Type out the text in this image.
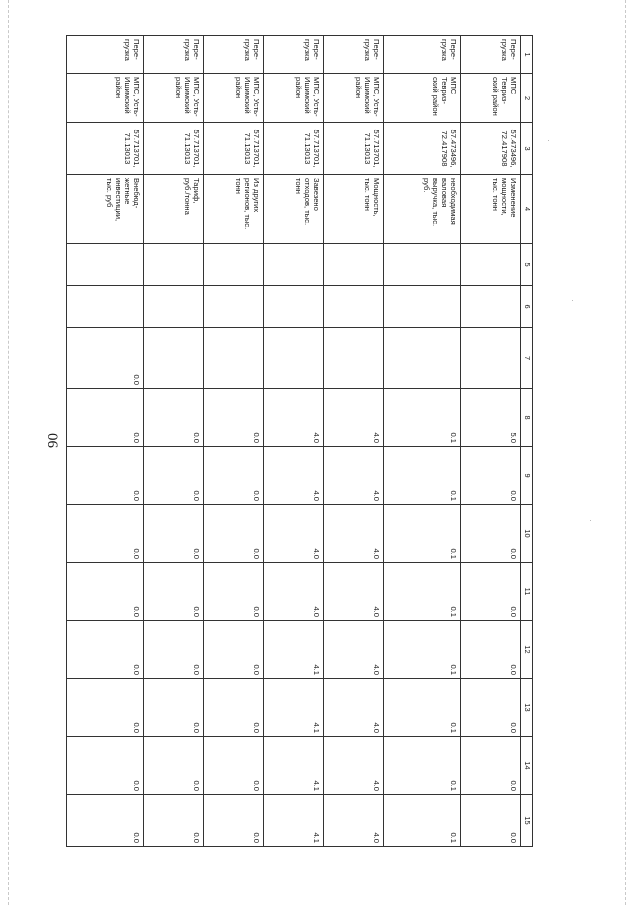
90
1	2	3	4	5	6	7	8	9	10	11	12	13	14	15
Пере-
грузка	МПС
Тевриз-
ский район	57.473496,
72.417908	Изменение
мощности,
тыс. тонн				5.0	0.0	0.0	0.0	0.0	0.0	0.0	0.0
Пере-
грузка	МПС
Тевриз-
ский район	57.473496,
72.417908	необходимая
валовая
выручка, тыс.
руб.				0.1	0.1	0.1	0.1	0.1	0.1	0.1	0.1
Пере-
грузка	МПС, Усть-
Ишимский
район	57.713701,
71.13013	Мощность,
тыс. тонн				4.0	4.0	4.0	4.0	4.0	4.0	4.0	4.0
Пере-
грузка	МПС, Усть-
Ишимский
район	57.713701,
71.13013	Завезено
отходов, тыс.
тонн				4.0	4.0	4.0	4.0	4.1	4.1	4.1	4.1
Пере-
грузка	МПС, Усть-
Ишимский
район	57.713701,
71.13013	Из других
регионов, тыс.
тонн				0.0	0.0	0.0	0.0	0.0	0.0	0.0	0.0
Пере-
грузка	МПС, Усть-
Ишимский
район	57.713701,
71.13013	Тариф,
руб./тонна				0.0	0.0	0.0	0.0	0.0	0.0	0.0	0.0
Пере-
грузка	МПС, Усть-
Ишимский
район	57.713701,
71.13013	Внебюд-
жетные
инвестиции,
тыс. руб			0.0	0.0	0.0	0.0	0.0	0.0	0.0	0.0	0.0
